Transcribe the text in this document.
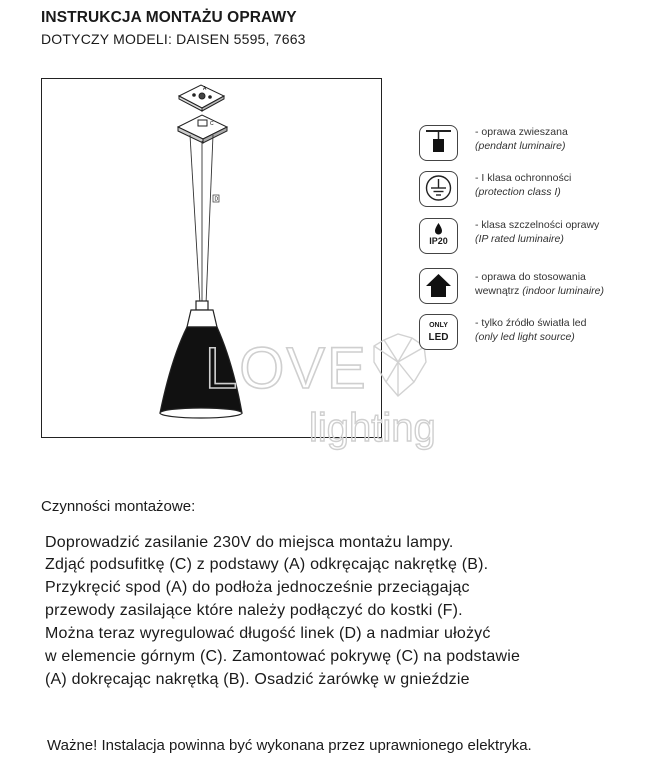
INSTRUKCJA MONTAŻU OPRAWY
DOTYCZY MODELI: DAISEN 5595, 7663
A
C
D
LOVE
lighting
- oprawa zwieszana
(pendant luminaire)
- I klasa ochronności
(protection class I)
IP20
- klasa szczelności oprawy
(IP rated luminaire)
- oprawa do stosowania
wewnątrz (indoor luminaire)
ONLY
LED
- tylko źródło światła led
(only led light source)
Czynności montażowe:
Doprowadzić zasilanie 230V do miejsca montażu lampy.
Zdjąć podsufitkę (C) z podstawy (A) odkręcając nakrętkę (B).
Przykręcić spod (A) do podłoża jednocześnie przeciągając
przewody zasilające które należy podłączyć do kostki (F).
Można teraz wyregulować długość linek (D) a nadmiar ułożyć
w elemencie górnym (C). Zamontować pokrywę (C) na podstawie
(A) dokręcając nakrętką (B). Osadzić żarówkę w gnieździe
Ważne! Instalacja powinna być wykonana przez uprawnionego elektryka.
